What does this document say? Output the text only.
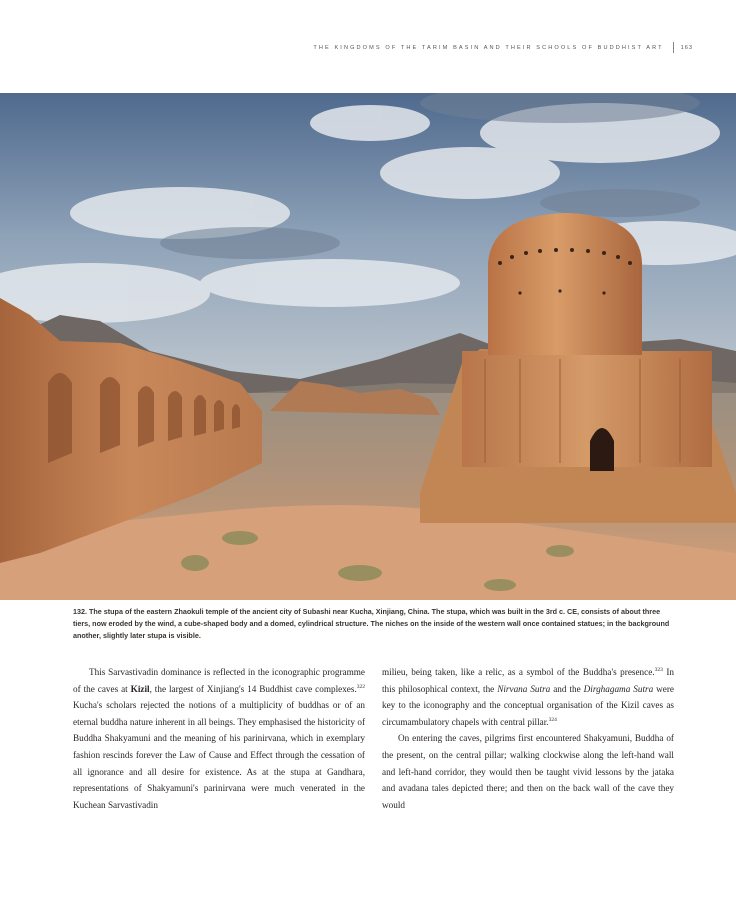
THE KINGDOMS OF THE TARIM BASIN AND THEIR SCHOOLS OF BUDDHIST ART	163

132. The stupa of the eastern Zhaokuli temple of the ancient city of Subashi near Kucha, Xinjiang, China. The stupa, which was built in the 3rd c. CE, consists of about three tiers, now eroded by the wind, a cube-shaped body and a domed, cylindrical structure. The niches on the inside of the western wall once contained statues; in the background another, slightly later stupa is visible.

This Sarvastivadin dominance is reflected in the iconographic programme of the caves at Kizil, the largest of Xinjiang's 14 Buddhist cave complexes.$^{322}$ Kucha's scholars rejected the notions of a multiplicity of buddhas or of an eternal buddha nature inherent in all beings. They emphasised the historicity of Buddha Shakyamuni and the meaning of his parinirvana, which in exemplary fashion rescinds forever the Law of Cause and Effect through the cessation of all ignorance and all desire for existence. As at the stupa at Gandhara, representations of Shakyamuni's parinirvana were much venerated in the Kuchean Sarvastivadin

milieu, being taken, like a relic, as a symbol of the Buddha's presence.$^{323}$ In this philosophical context, the Nirvana Sutra and the Dirghagama Sutra were key to the iconography and the conceptual organisation of the Kizil caves as circumambulatory chapels with central pillar.$^{324}$

On entering the caves, pilgrims first encountered Shakyamuni, Buddha of the present, on the central pillar; walking clockwise along the left-hand wall and left-hand corridor, they would then be taught vivid lessons by the jataka and avadana tales depicted there; and then on the back wall of the cave they would
